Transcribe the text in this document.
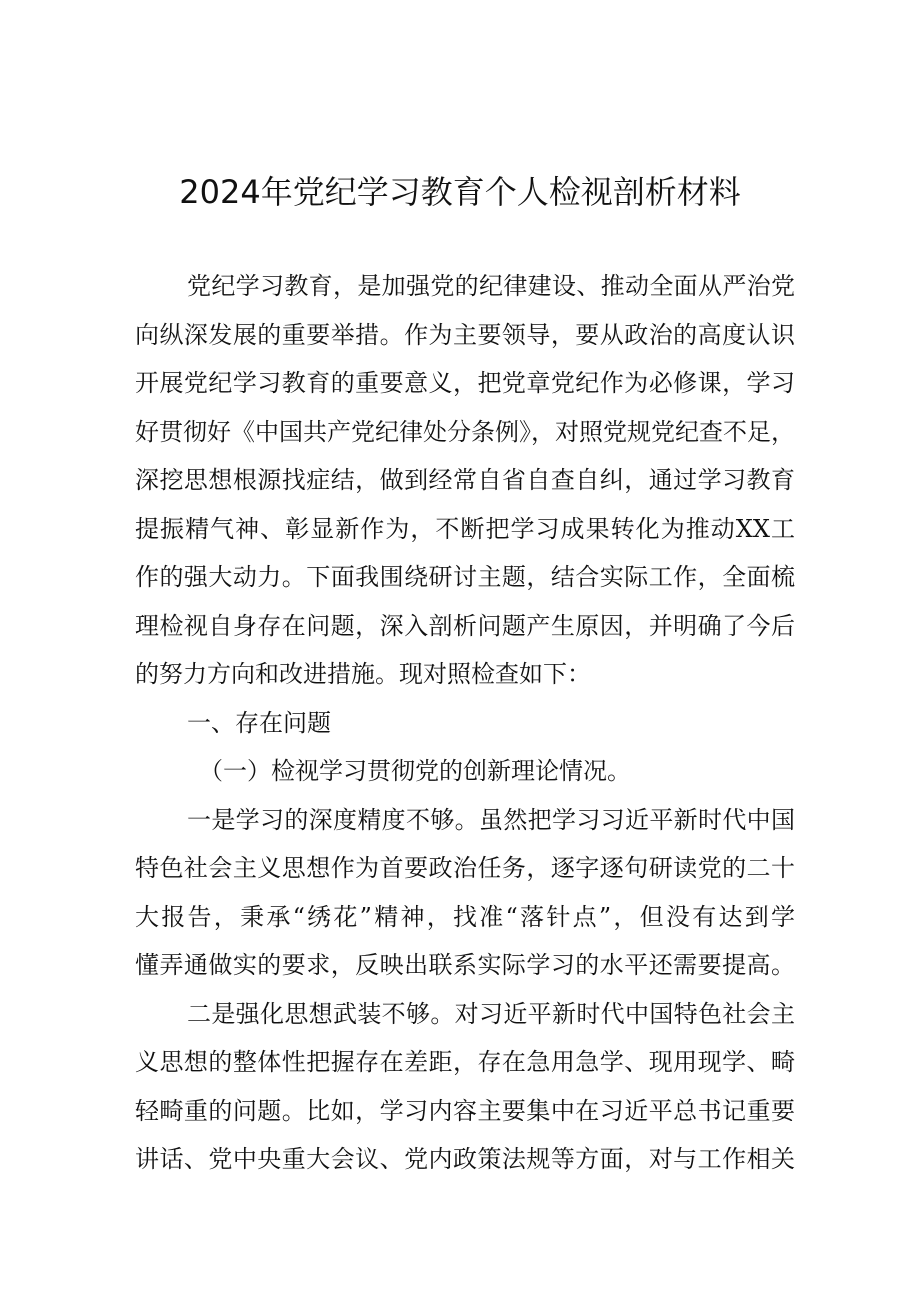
2024年党纪学习教育个人检视剖析材料
党纪学习教育，是加强党的纪律建设、推动全面从严治党
向纵深发展的重要举措。作为主要领导，要从政治的高度认识
开展党纪学习教育的重要意义，把党章党纪作为必修课，学习
好贯彻好《中国共产党纪律处分条例》，对照党规党纪查不足，
深挖思想根源找症结，做到经常自省自查自纠，通过学习教育
提振精气神、彰显新作为，不断把学习成果转化为推动XX工
作的强大动力。下面我围绕研讨主题，结合实际工作，全面梳
理检视自身存在问题，深入剖析问题产生原因，并明确了今后
的努力方向和改进措施。现对照检查如下：
一、存在问题
（一）检视学习贯彻党的创新理论情况。
一是学习的深度精度不够。虽然把学习习近平新时代中国
特色社会主义思想作为首要政治任务，逐字逐句研读党的二十
大报告，秉承“绣花”精神，找准“落针点”，但没有达到学
懂弄通做实的要求，反映出联系实际学习的水平还需要提高。
二是强化思想武装不够。对习近平新时代中国特色社会主
义思想的整体性把握存在差距，存在急用急学、现用现学、畸
轻畸重的问题。比如，学习内容主要集中在习近平总书记重要
讲话、党中央重大会议、党内政策法规等方面，对与工作相关
